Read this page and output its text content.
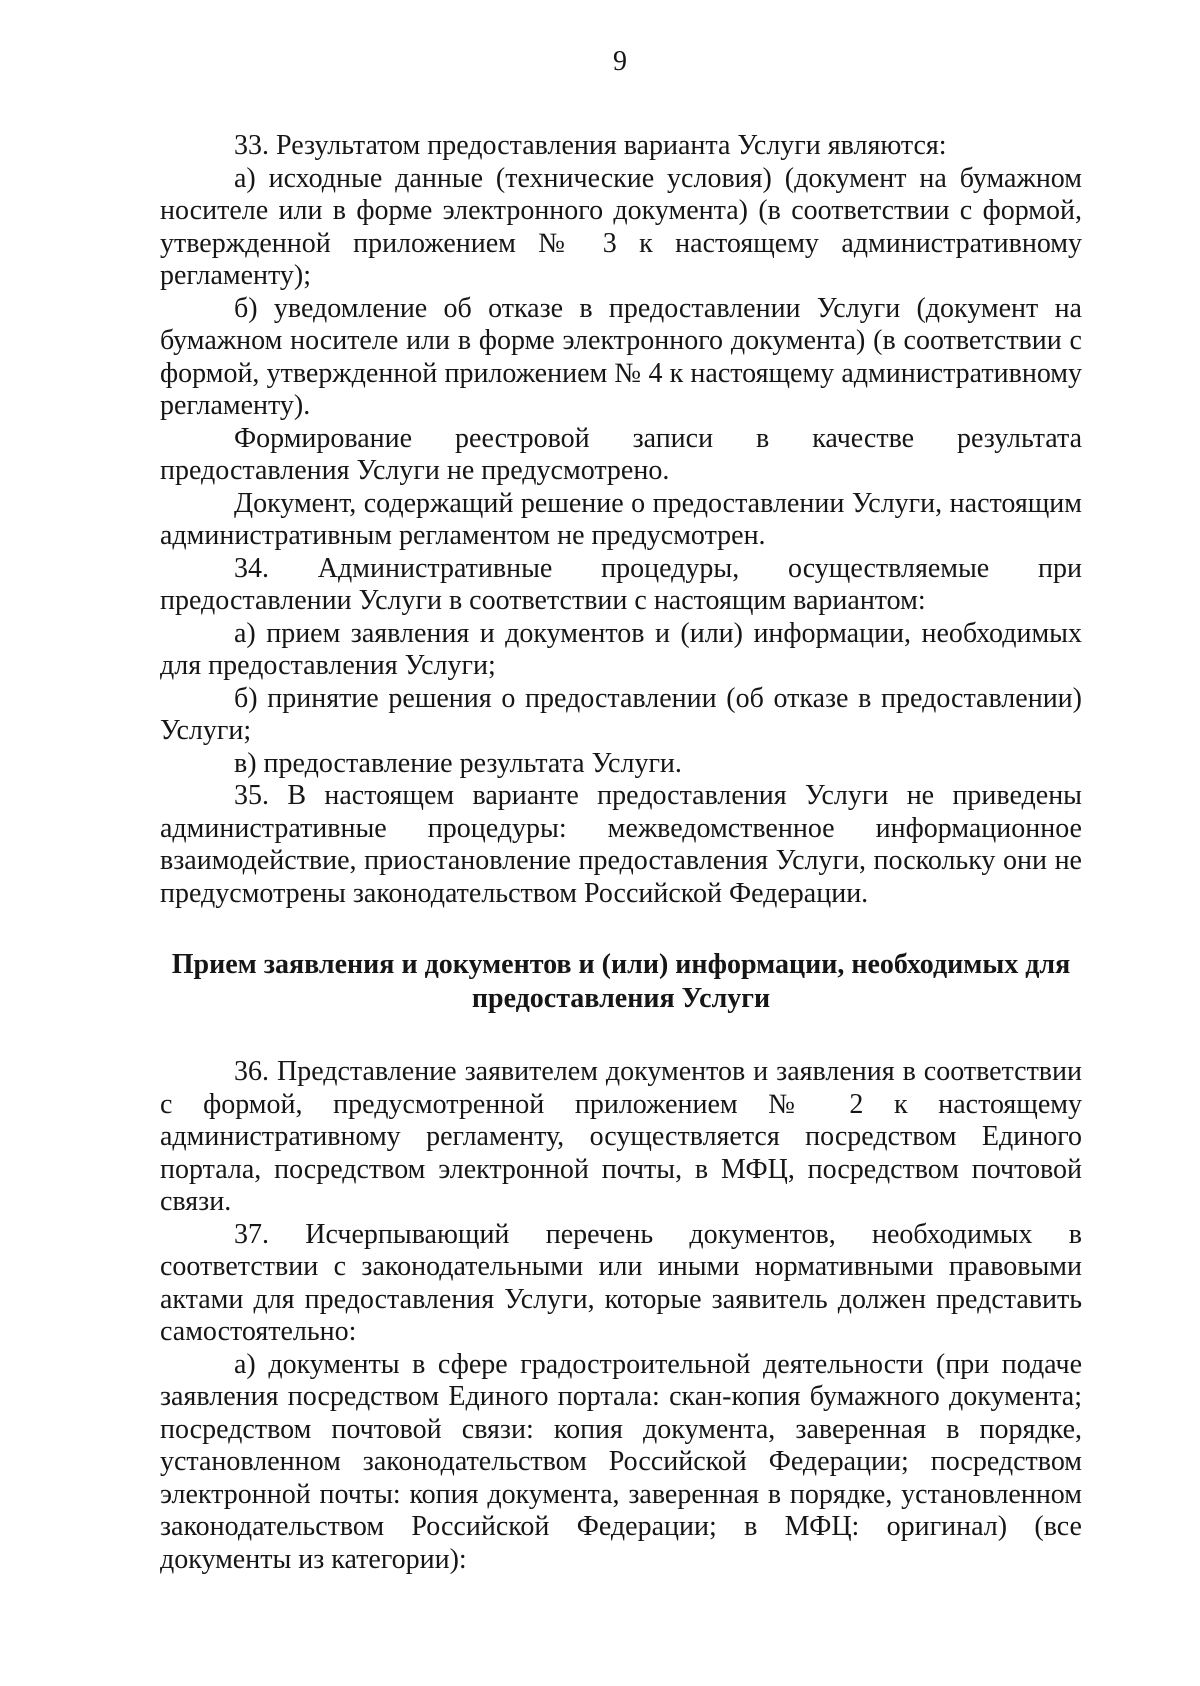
9

33. Результатом предоставления варианта Услуги являются:

а) исходные данные (технические условия) (документ на бумажном носителе или в форме электронного документа) (в соответствии с формой, утвержденной приложением № 3 к настоящему административному регламенту);

б) уведомление об отказе в предоставлении Услуги (документ на бумажном носителе или в форме электронного документа) (в соответствии с формой, утвержденной приложением № 4 к настоящему административному регламенту).

Формирование реестровой записи в качестве результата предоставления Услуги не предусмотрено.

Документ, содержащий решение о предоставлении Услуги, настоящим административным регламентом не предусмотрен.

34. Административные процедуры, осуществляемые при предоставлении Услуги в соответствии с настоящим вариантом:

а) прием заявления и документов и (или) информации, необходимых для предоставления Услуги;

б) принятие решения о предоставлении (об отказе в предоставлении) Услуги;

в) предоставление результата Услуги.

35. В настоящем варианте предоставления Услуги не приведены административные процедуры: межведомственное информационное взаимодействие, приостановление предоставления Услуги, поскольку они не предусмотрены законодательством Российской Федерации.

Прием заявления и документов и (или) информации, необходимых для предоставления Услуги

36. Представление заявителем документов и заявления в соответствии с формой, предусмотренной приложением № 2 к настоящему административному регламенту, осуществляется посредством Единого портала, посредством электронной почты, в МФЦ, посредством почтовой связи.

37. Исчерпывающий перечень документов, необходимых в соответствии с законодательными или иными нормативными правовыми актами для предоставления Услуги, которые заявитель должен представить самостоятельно:

а) документы в сфере градостроительной деятельности (при подаче заявления посредством Единого портала: скан-копия бумажного документа; посредством почтовой связи: копия документа, заверенная в порядке, установленном законодательством Российской Федерации; посредством электронной почты: копия документа, заверенная в порядке, установленном законодательством Российской Федерации; в МФЦ: оригинал) (все документы из категории):
